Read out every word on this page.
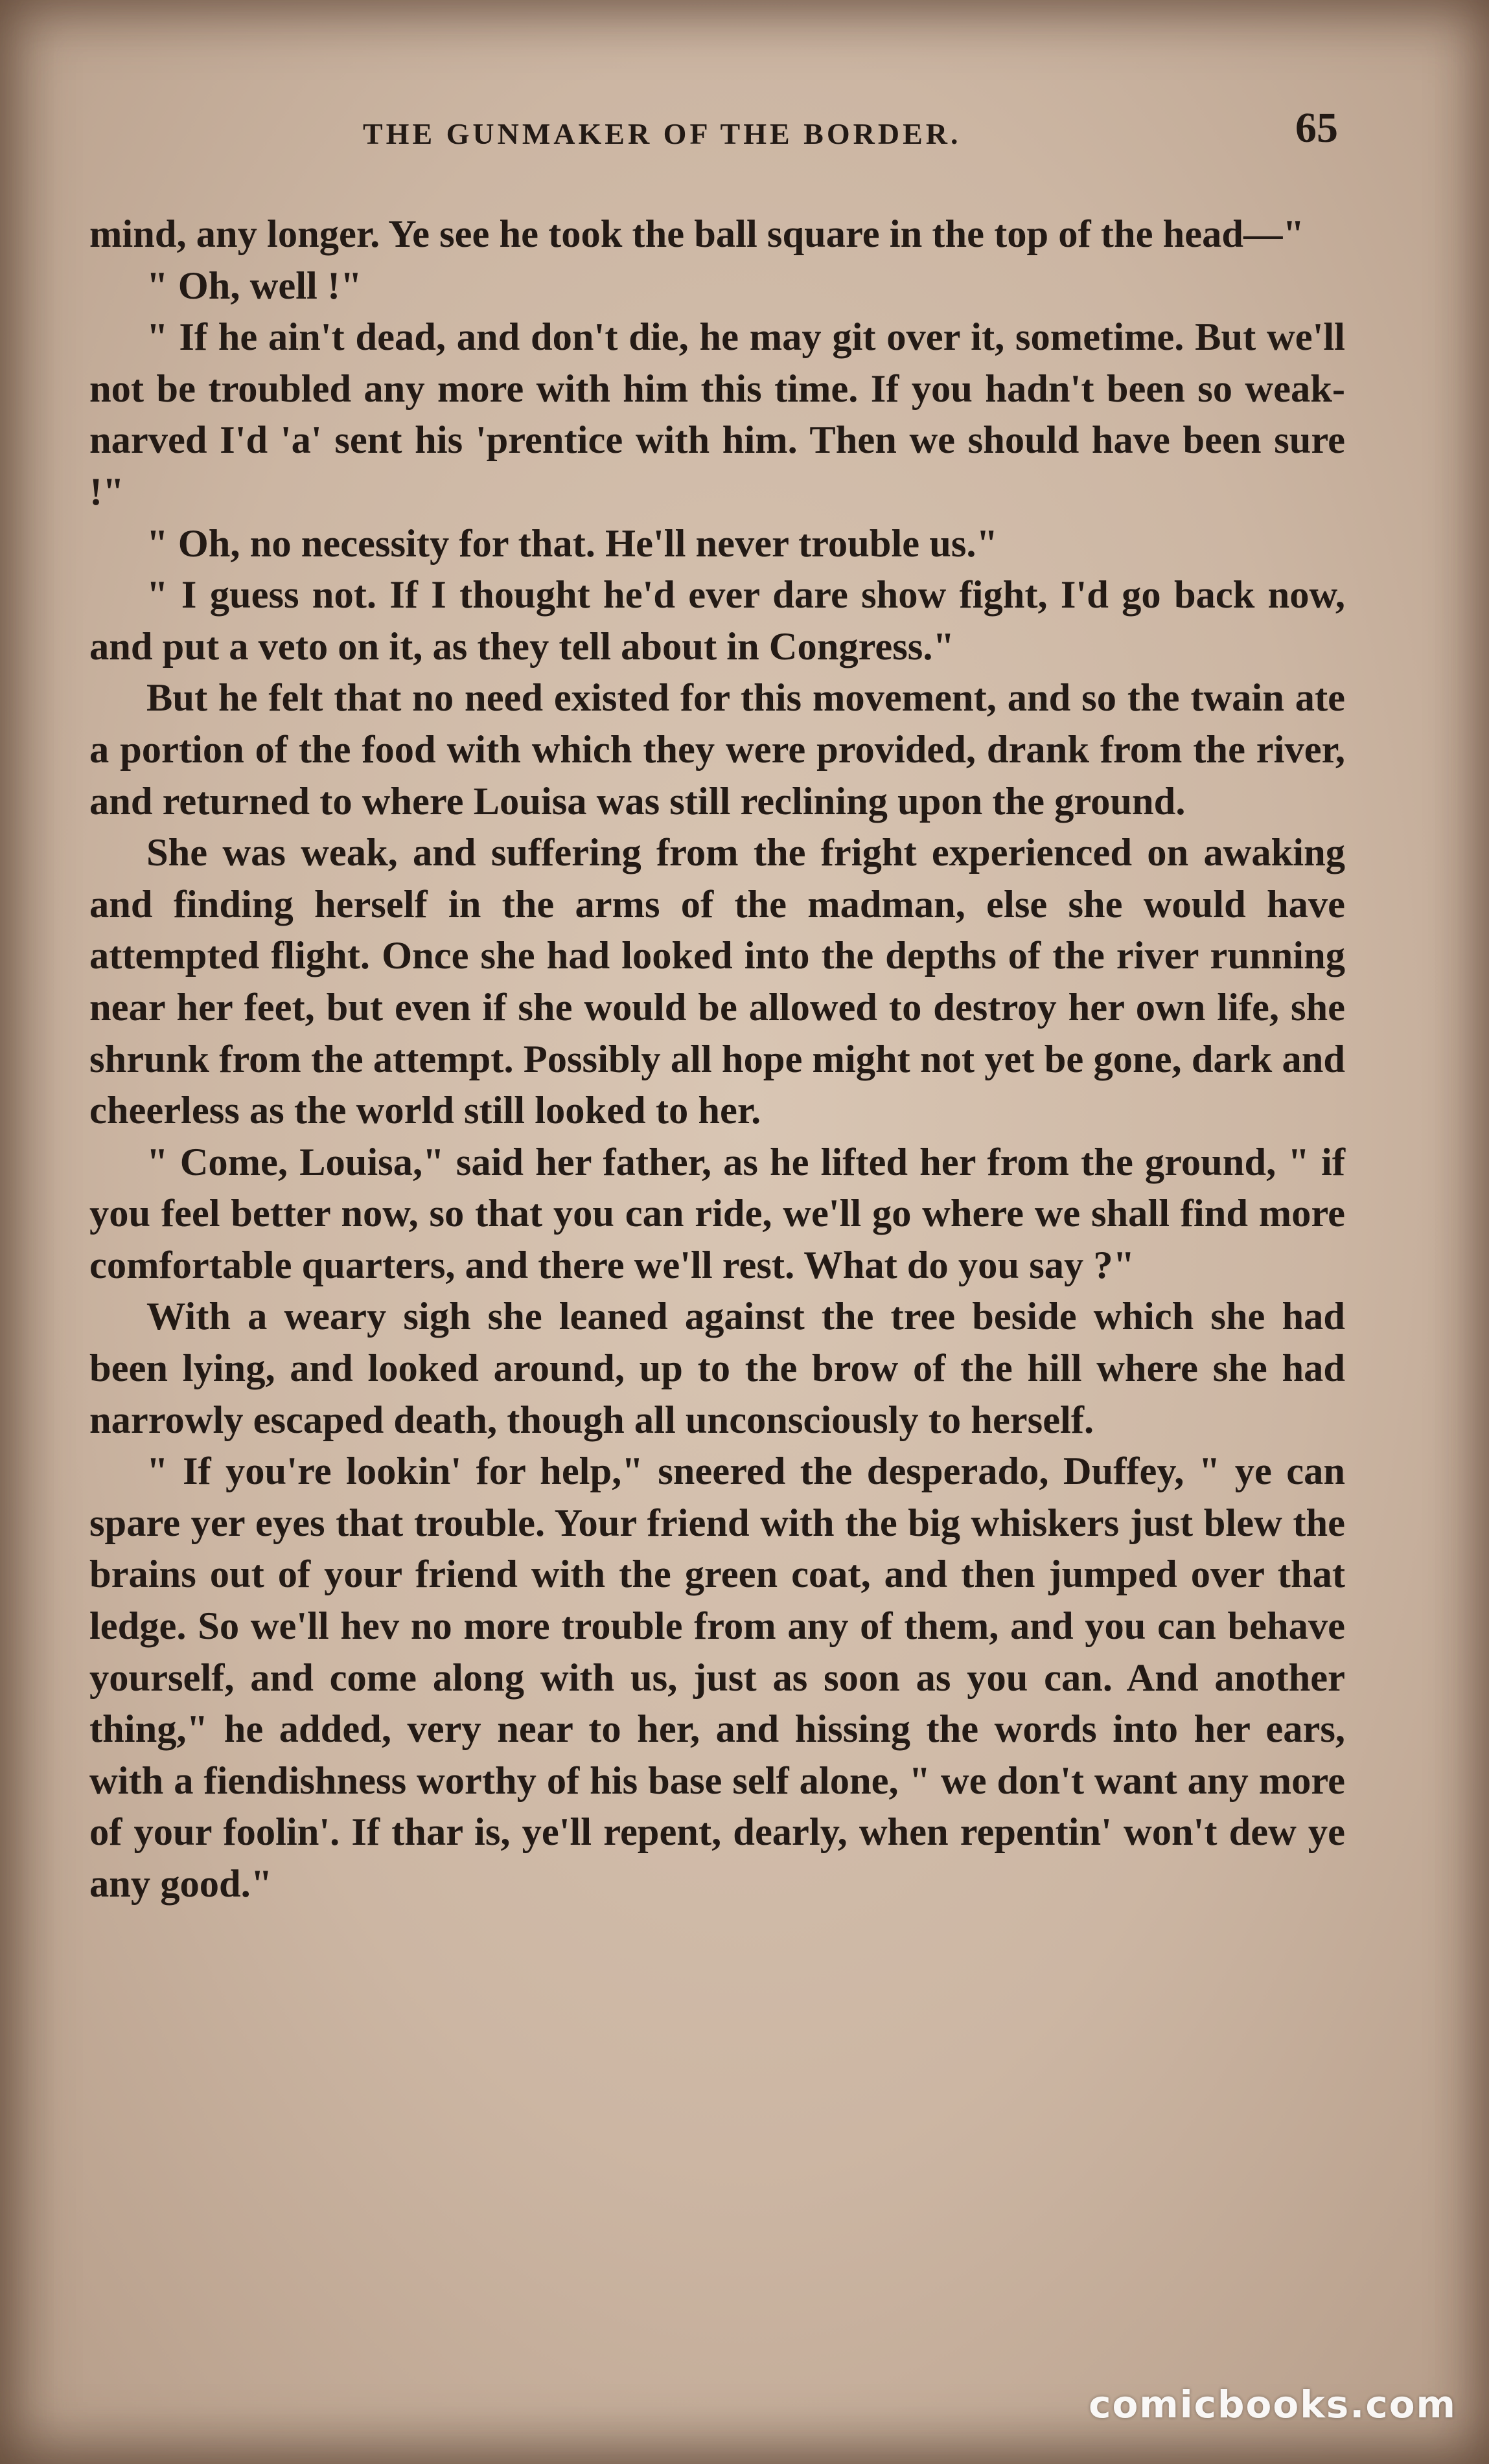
THE GUNMAKER OF THE BORDER.	65

mind, any longer. Ye see he took the ball square in the top of the head—"

" Oh, well !"

" If he ain't dead, and don't die, he may git over it, sometime. But we'll not be troubled any more with him this time. If you hadn't been so weak-narved I'd 'a' sent his 'prentice with him. Then we should have been sure !"

" Oh, no necessity for that. He'll never trouble us."

" I guess not. If I thought he'd ever dare show fight, I'd go back now, and put a veto on it, as they tell about in Congress."

But he felt that no need existed for this movement, and so the twain ate a portion of the food with which they were provided, drank from the river, and returned to where Louisa was still reclining upon the ground.

She was weak, and suffering from the fright experienced on awaking and finding herself in the arms of the madman, else she would have attempted flight. Once she had looked into the depths of the river running near her feet, but even if she would be allowed to destroy her own life, she shrunk from the attempt. Possibly all hope might not yet be gone, dark and cheerless as the world still looked to her.

" Come, Louisa," said her father, as he lifted her from the ground, " if you feel better now, so that you can ride, we'll go where we shall find more comfortable quarters, and there we'll rest. What do you say ?"

With a weary sigh she leaned against the tree beside which she had been lying, and looked around, up to the brow of the hill where she had narrowly escaped death, though all unconsciously to herself.

" If you're lookin' for help," sneered the desperado, Duffey, " ye can spare yer eyes that trouble. Your friend with the big whiskers just blew the brains out of your friend with the green coat, and then jumped over that ledge. So we'll hev no more trouble from any of them, and you can behave yourself, and come along with us, just as soon as you can. And another thing," he added, very near to her, and hissing the words into her ears, with a fiendishness worthy of his base self alone, " we don't want any more of your foolin'. If thar is, ye'll repent, dearly, when repentin' won't dew ye any good."

comicbooks.com
